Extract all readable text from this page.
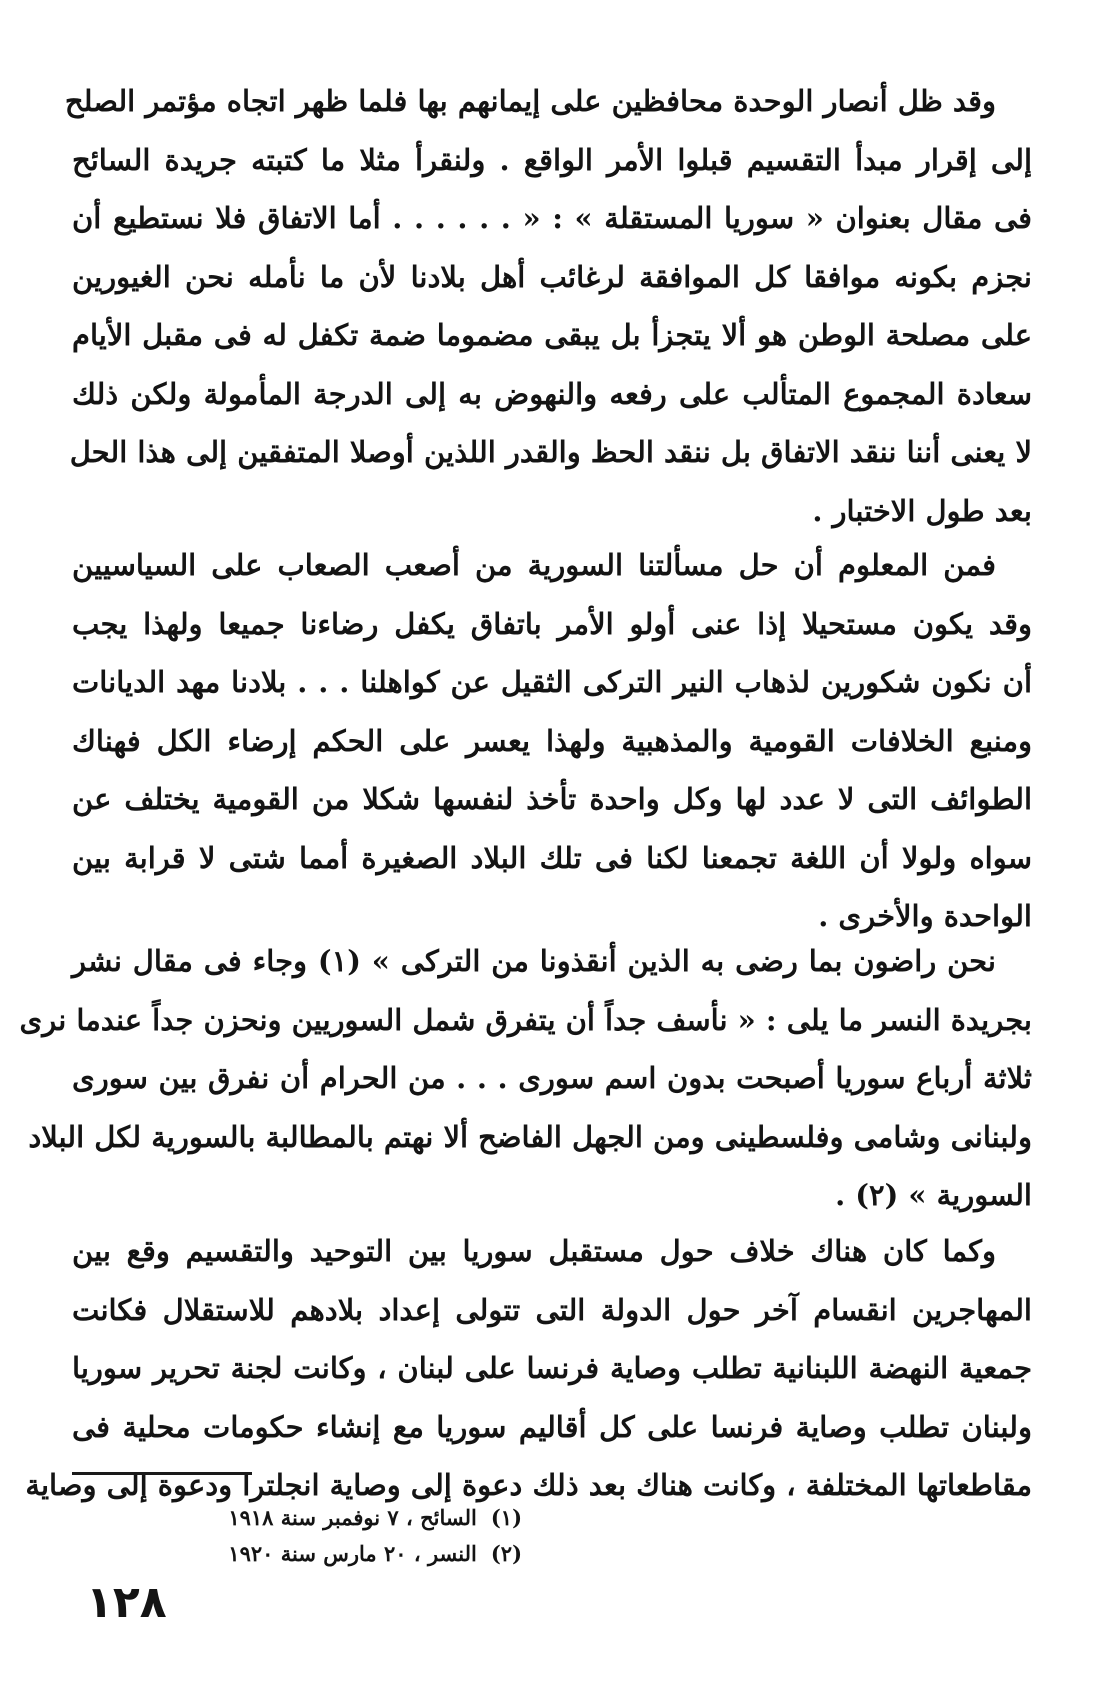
وقد ظل أنصار الوحدة محافظين على إيمانهم بها فلما ظهر اتجاه مؤتمر الصلح
إلى إقرار مبدأ التقسيم قبلوا الأمر الواقع . ولنقرأ مثلا ما كتبته جريدة السائح
فى مقال بعنوان « سوريا المستقلة » : « . . . . . . أما الاتفاق فلا نستطيع أن
نجزم بكونه موافقا كل الموافقة لرغائب أهل بلادنا لأن ما نأمله نحن الغيورين
على مصلحة الوطن هو ألا يتجزأ بل يبقى مضموما ضمة تكفل له فى مقبل الأيام
سعادة المجموع المتألب على رفعه والنهوض به إلى الدرجة المأمولة ولكن ذلك
لا يعنى أننا ننقد الاتفاق بل ننقد الحظ والقدر اللذين أوصلا المتفقين إلى هذا الحل
بعد طول الاختبار .
فمن المعلوم أن حل مسألتنا السورية من أصعب الصعاب على السياسيين
وقد يكون مستحيلا إذا عنى أولو الأمر باتفاق يكفل رضاءنا جميعا ولهذا يجب
أن نكون شكورين لذهاب النير التركى الثقيل عن كواهلنا . . . بلادنا مهد الديانات
ومنبع الخلافات القومية والمذهبية ولهذا يعسر على الحكم إرضاء الكل فهناك
الطوائف التى لا عدد لها وكل واحدة تأخذ لنفسها شكلا من القومية يختلف عن
سواه ولولا أن اللغة تجمعنا لكنا فى تلك البلاد الصغيرة أمما شتى لا قرابة بين
الواحدة والأخرى .
نحن راضون بما رضى به الذين أنقذونا من التركى » (١) وجاء فى مقال نشر
بجريدة النسر ما يلى : « نأسف جداً أن يتفرق شمل السوريين ونحزن جداً عندما نرى
ثلاثة أرباع سوريا أصبحت بدون اسم سورى . . . من الحرام أن نفرق بين سورى
ولبنانى وشامى وفلسطينى ومن الجهل الفاضح ألا نهتم بالمطالبة بالسورية لكل البلاد
السورية » (٢) .
وكما كان هناك خلاف حول مستقبل سوريا بين التوحيد والتقسيم وقع بين
المهاجرين انقسام آخر حول الدولة التى تتولى إعداد بلادهم للاستقلال فكانت
جمعية النهضة اللبنانية تطلب وصاية فرنسا على لبنان ، وكانت لجنة تحرير سوريا
ولبنان تطلب وصاية فرنسا على كل أقاليم سوريا مع إنشاء حكومات محلية فى
مقاطعاتها المختلفة ، وكانت هناك بعد ذلك دعوة إلى وصاية انجلترا ودعوة إلى وصاية
(١)السائح ، ٧ نوفمبر سنة ١٩١٨
(٢)النسر ، ٢٠ مارس سنة ١٩٢٠
١٢٨
